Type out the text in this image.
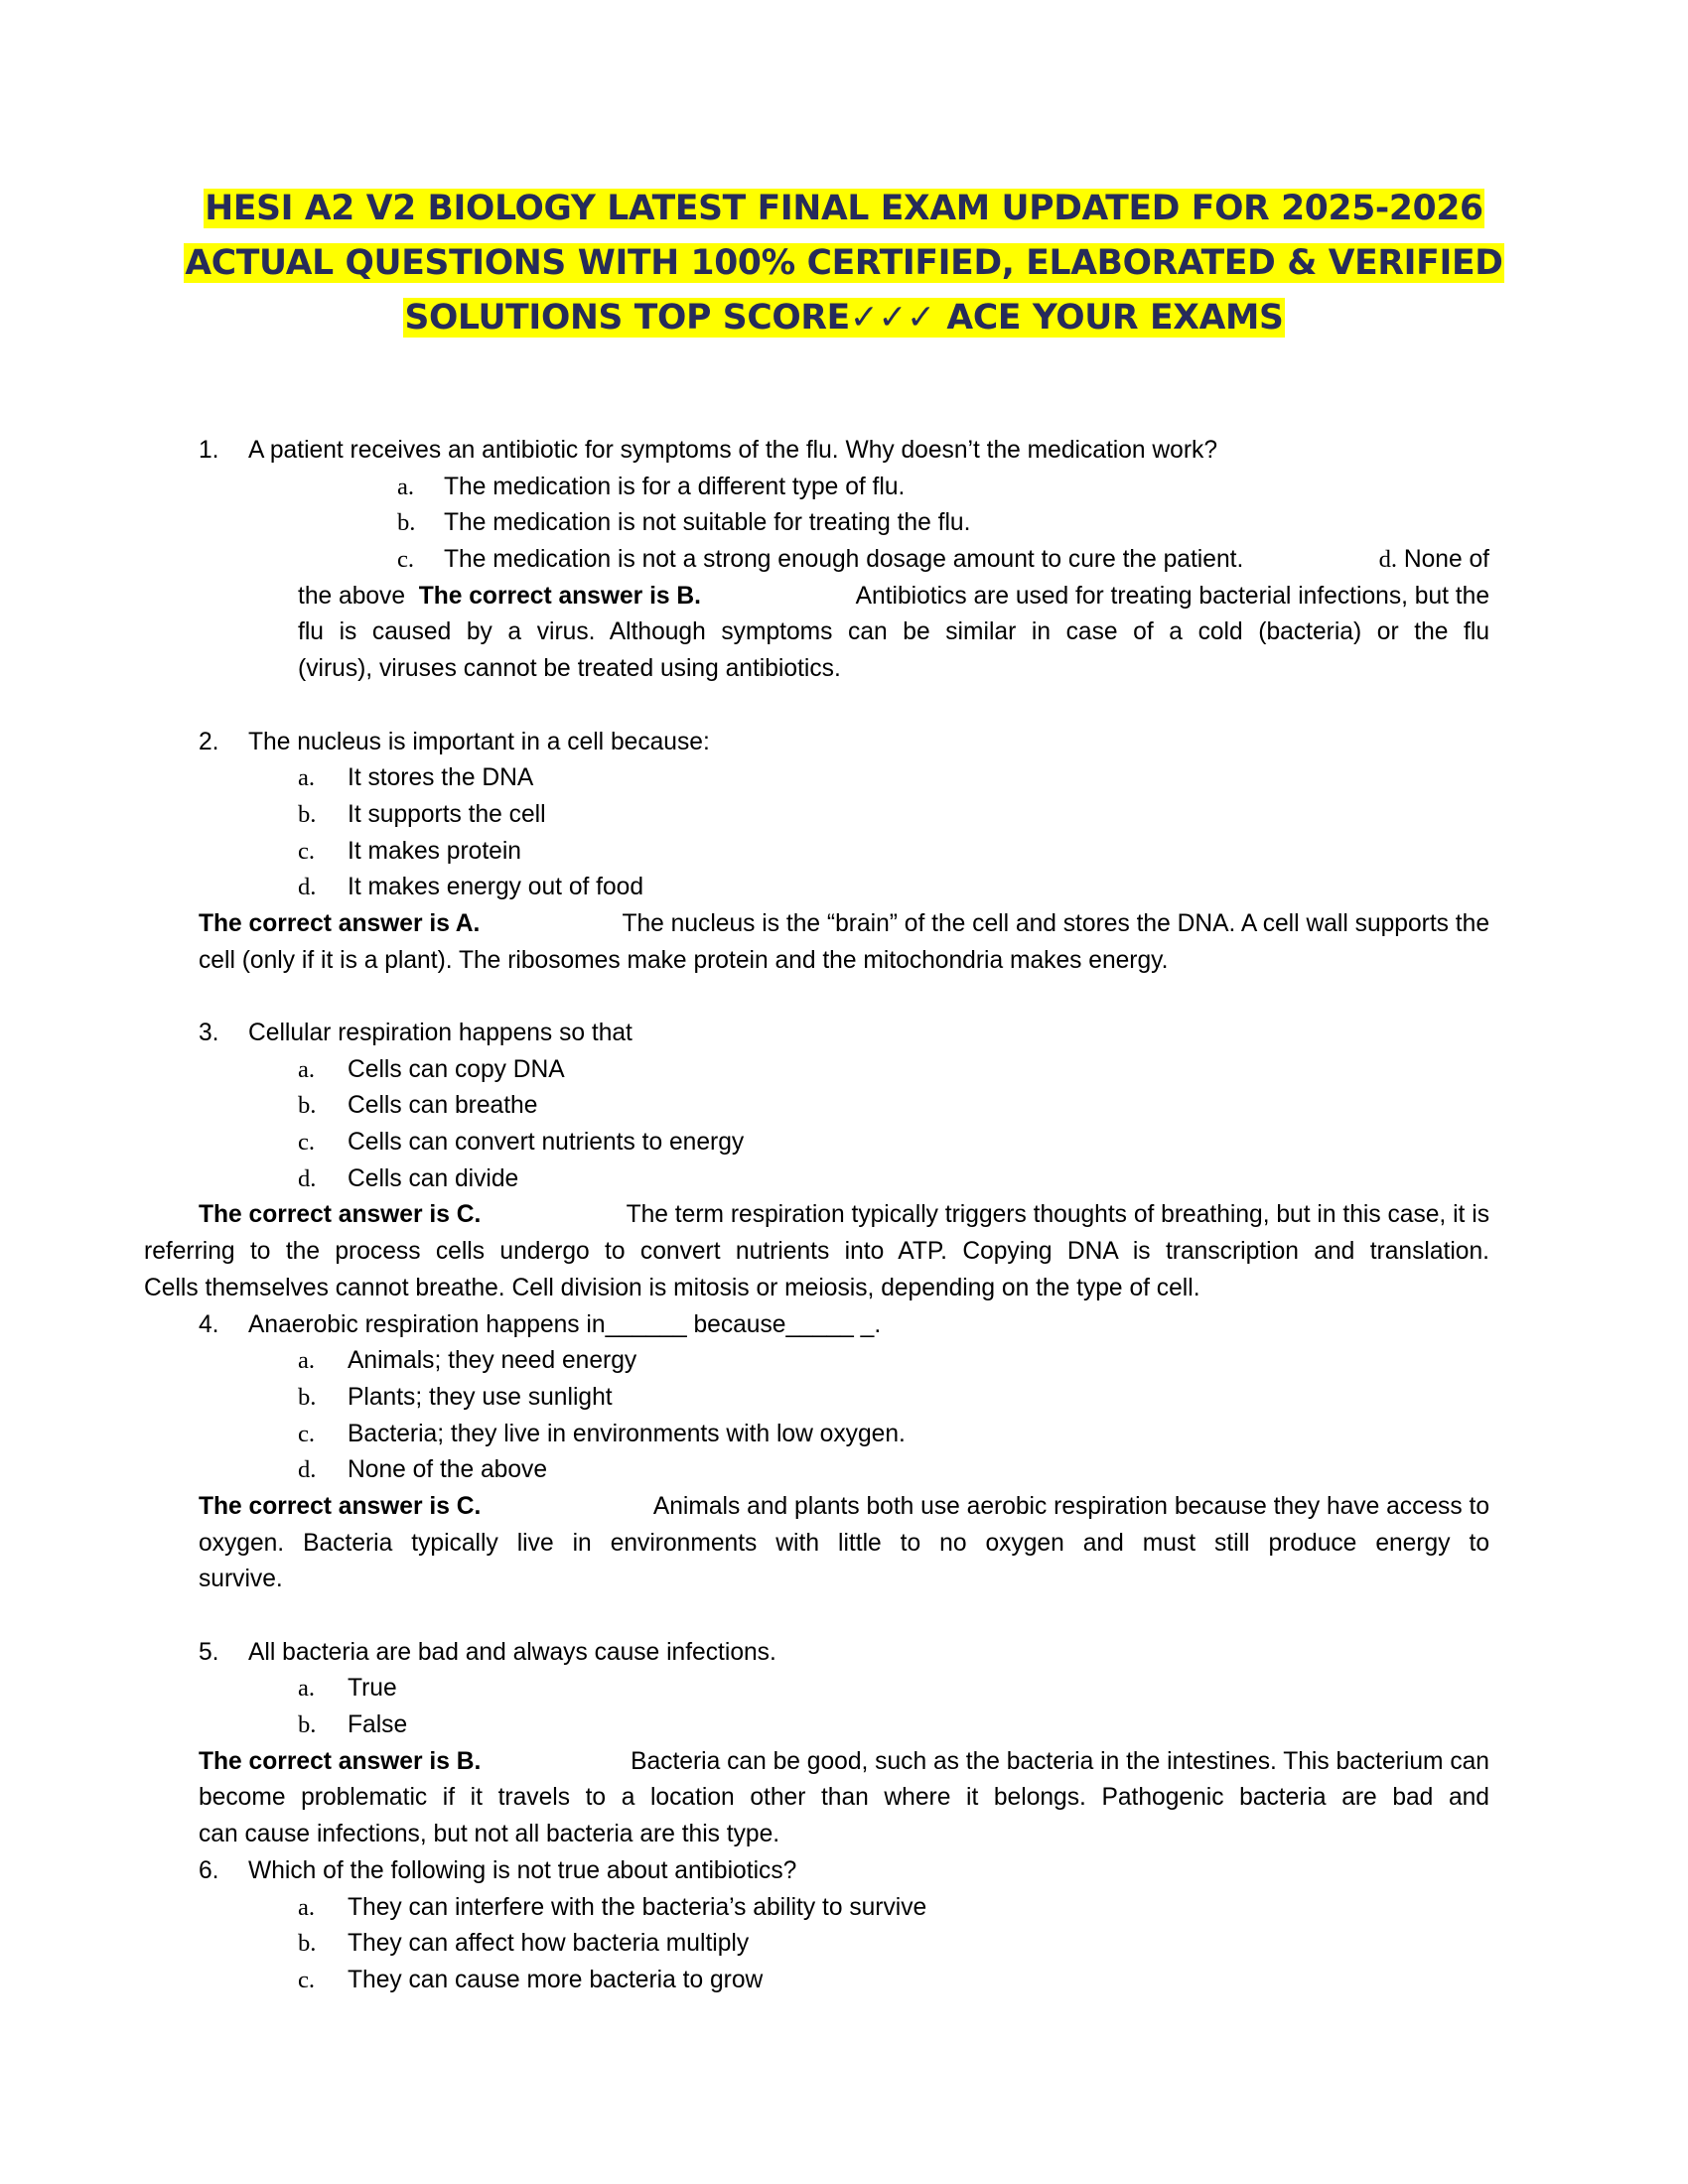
HESI A2 V2 BIOLOGY LATEST FINAL EXAM UPDATED FOR 2025-2026
ACTUAL QUESTIONS WITH 100% CERTIFIED, ELABORATED & VERIFIED
SOLUTIONS TOP SCORE✓✓✓ ACE YOUR EXAMS
1. A patient receives an antibiotic for symptoms of the flu. Why doesn’t the medication work?
a. The medication is for a different type of flu.
b. The medication is not suitable for treating the flu.
c. The medication is not a strong enough dosage amount to cure the patient.	d. None of
the above The correct answer is B.	Antibiotics are used for treating bacterial infections, but the
flu is caused by a virus. Although symptoms can be similar in case of a cold (bacteria) or the flu
(virus), viruses cannot be treated using antibiotics.
2. The nucleus is important in a cell because:
a. It stores the DNA
b. It supports the cell
c. It makes protein
d. It makes energy out of food
The correct answer is A.	The nucleus is the “brain” of the cell and stores the DNA. A cell wall supports the
cell (only if it is a plant). The ribosomes make protein and the mitochondria makes energy.
3. Cellular respiration happens so that
a. Cells can copy DNA
b. Cells can breathe
c. Cells can convert nutrients to energy
d. Cells can divide
The correct answer is C.	The term respiration typically triggers thoughts of breathing, but in this case, it is
referring to the process cells undergo to convert nutrients into ATP. Copying DNA is transcription and translation.
Cells themselves cannot breathe. Cell division is mitosis or meiosis, depending on the type of cell.
4. Anaerobic respiration happens in______ because_____ _.
a. Animals; they need energy
b. Plants; they use sunlight
c. Bacteria; they live in environments with low oxygen.
d. None of the above
The correct answer is C.	Animals and plants both use aerobic respiration because they have access to
oxygen. Bacteria typically live in environments with little to no oxygen and must still produce energy to
survive.
5. All bacteria are bad and always cause infections.
a. True
b. False
The correct answer is B.	Bacteria can be good, such as the bacteria in the intestines. This bacterium can
become problematic if it travels to a location other than where it belongs. Pathogenic bacteria are bad and
can cause infections, but not all bacteria are this type.
6. Which of the following is not true about antibiotics?
a. They can interfere with the bacteria’s ability to survive
b. They can affect how bacteria multiply
c. They can cause more bacteria to grow
